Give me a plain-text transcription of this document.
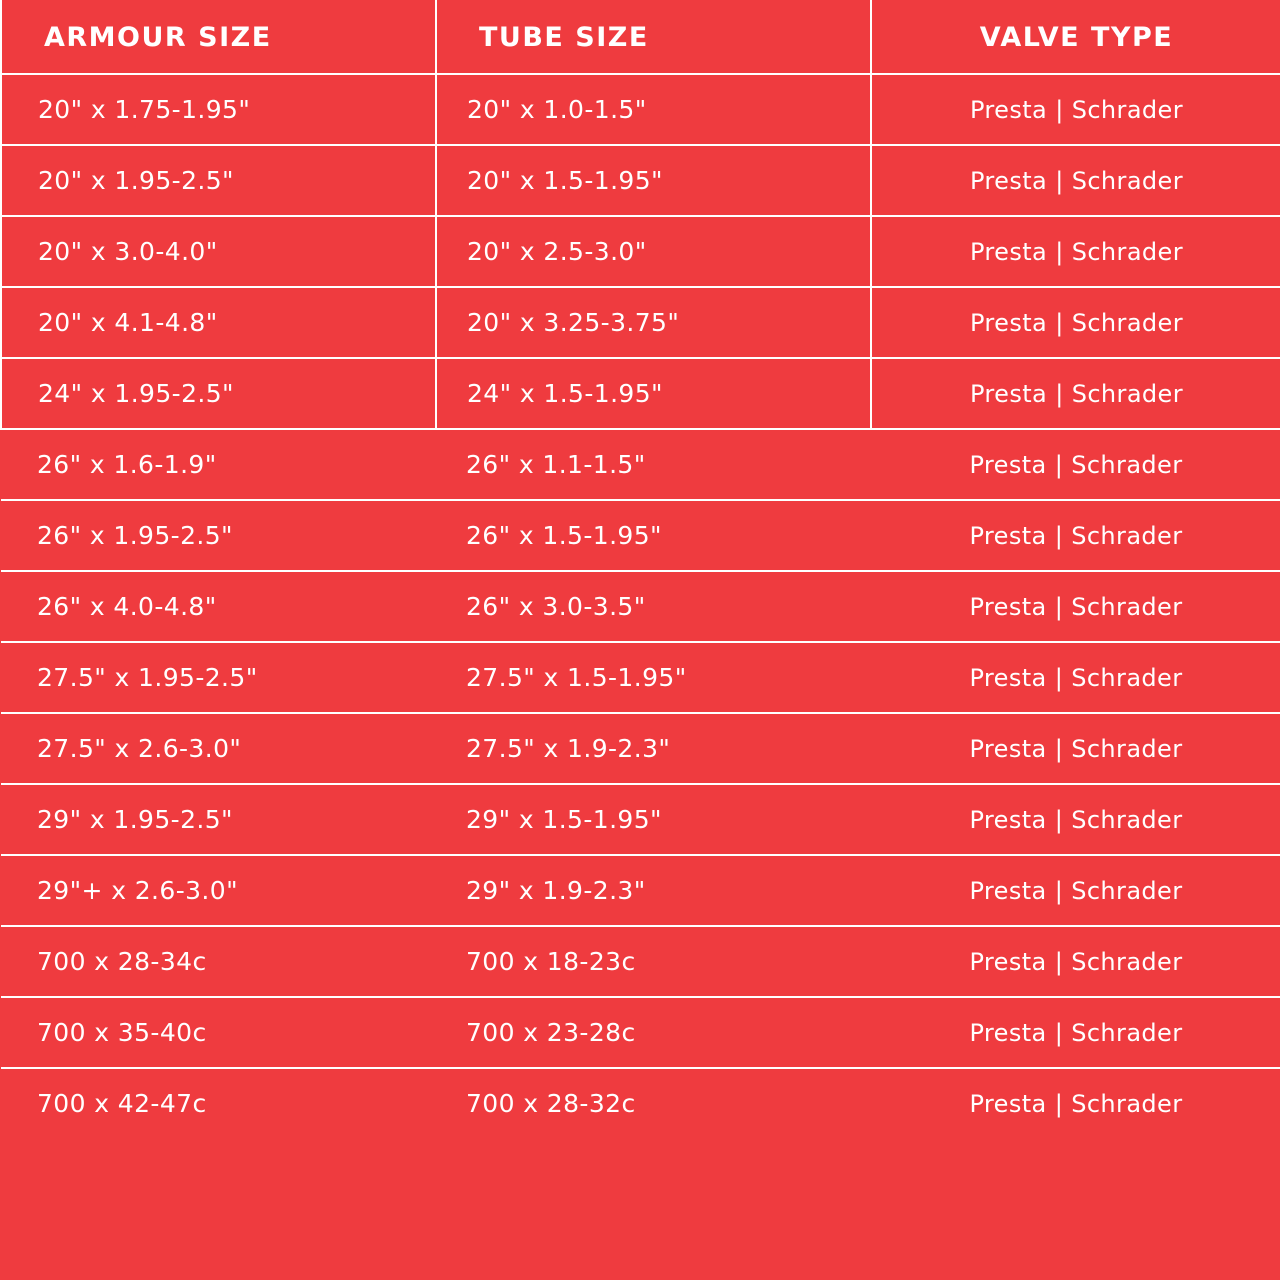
ARMOUR SIZE	TUBE SIZE	VALVE TYPE
20" x 1.75-1.95"	20" x 1.0-1.5"	Presta | Schrader
20" x 1.95-2.5"	20" x 1.5-1.95"	Presta | Schrader
20" x 3.0-4.0"	20" x 2.5-3.0"	Presta | Schrader
20" x 4.1-4.8"	20" x 3.25-3.75"	Presta | Schrader
24" x 1.95-2.5"	24" x 1.5-1.95"	Presta | Schrader
26" x 1.6-1.9"	26" x 1.1-1.5"	Presta | Schrader
26" x 1.95-2.5"	26" x 1.5-1.95"	Presta | Schrader
26" x 4.0-4.8"	26" x 3.0-3.5"	Presta | Schrader
27.5" x 1.95-2.5"	27.5" x 1.5-1.95"	Presta | Schrader
27.5" x 2.6-3.0"	27.5" x 1.9-2.3"	Presta | Schrader
29" x 1.95-2.5"	29" x 1.5-1.95"	Presta | Schrader
29"+ x 2.6-3.0"	29" x 1.9-2.3"	Presta | Schrader
700 x 28-34c	700 x 18-23c	Presta | Schrader
700 x 35-40c	700 x 23-28c	Presta | Schrader
700 x 42-47c	700 x 28-32c	Presta | Schrader
